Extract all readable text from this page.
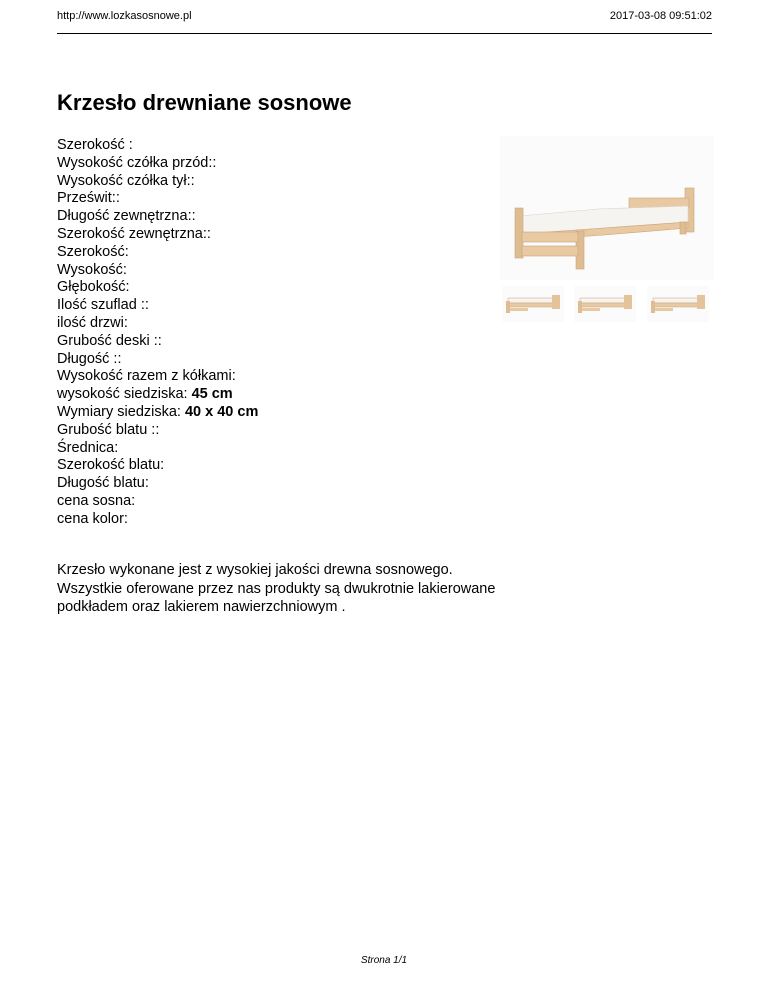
http://www.lozkasosnowe.pl	2017-03-08 09:51:02
Krzesło drewniane sosnowe
Szerokość :
Wysokość czółka przód::
Wysokość czółka tył::
Prześwit::
Długość zewnętrzna::
Szerokość zewnętrzna::
Szerokość:
Wysokość:
Głębokość:
Ilość szuflad ::
ilość drzwi:
Grubość deski ::
Długość ::
Wysokość razem z kółkami:
wysokość siedziska: 45 cm
Wymiary siedziska: 40 x 40 cm
Grubość blatu ::
Średnica:
Szerokość blatu:
Długość blatu:
cena sosna:
cena kolor:
Krzesło wykonane jest z wysokiej jakości drewna sosnowego. Wszystkie oferowane przez nas produkty są dwukrotnie lakierowane podkładem oraz lakierem nawierzchniowym .
Strona 1/1
